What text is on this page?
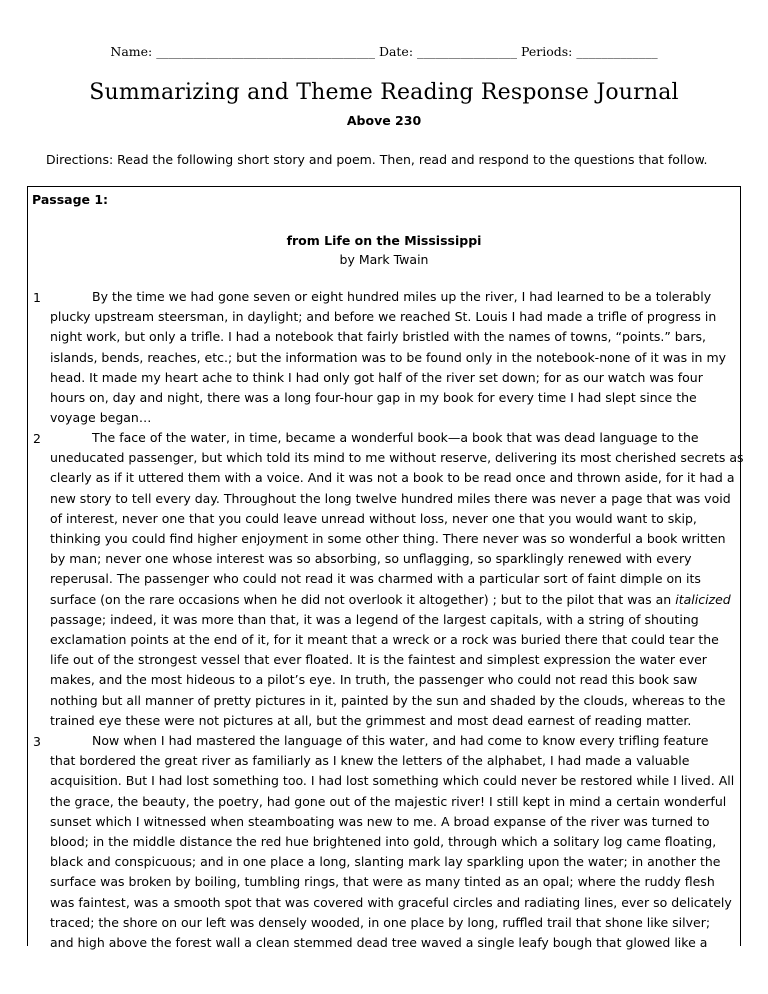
Name: ___________________________________ Date: ________________ Periods: _____________
Summarizing and Theme Reading Response Journal
Above 230
Directions: Read the following short story and poem. Then, read and respond to the questions that follow.
Passage 1:
from Life on the Mississippi
by Mark Twain
1	By the time we had gone seven or eight hundred miles up the river, I had learned to be a tolerably
plucky upstream steersman, in daylight; and before we reached St. Louis I had made a trifle of progress in
night work, but only a trifle. I had a notebook that fairly bristled with the names of towns, “points.” bars,
islands, bends, reaches, etc.; but the information was to be found only in the notebook-none of it was in my
head. It made my heart ache to think I had only got half of the river set down; for as our watch was four
hours on, day and night, there was a long four-hour gap in my book for every time I had slept since the
voyage began…
2	The face of the water, in time, became a wonderful book—a book that was dead language to the
uneducated passenger, but which told its mind to me without reserve, delivering its most cherished secrets as
clearly as if it uttered them with a voice. And it was not a book to be read once and thrown aside, for it had a
new story to tell every day. Throughout the long twelve hundred miles there was never a page that was void
of interest, never one that you could leave unread without loss, never one that you would want to skip,
thinking you could find higher enjoyment in some other thing. There never was so wonderful a book written
by man; never one whose interest was so absorbing, so unflagging, so sparklingly renewed with every
reperusal. The passenger who could not read it was charmed with a particular sort of faint dimple on its
surface (on the rare occasions when he did not overlook it altogether) ; but to the pilot that was an italicized
passage; indeed, it was more than that, it was a legend of the largest capitals, with a string of shouting
exclamation points at the end of it, for it meant that a wreck or a rock was buried there that could tear the
life out of the strongest vessel that ever floated. It is the faintest and simplest expression the water ever
makes, and the most hideous to a pilot’s eye. In truth, the passenger who could not read this book saw
nothing but all manner of pretty pictures in it, painted by the sun and shaded by the clouds, whereas to the
trained eye these were not pictures at all, but the grimmest and most dead earnest of reading matter.
3	Now when I had mastered the language of this water, and had come to know every trifling feature
that bordered the great river as familiarly as I knew the letters of the alphabet, I had made a valuable
acquisition. But I had lost something too. I had lost something which could never be restored while I lived. All
the grace, the beauty, the poetry, had gone out of the majestic river! I still kept in mind a certain wonderful
sunset which I witnessed when steamboating was new to me. A broad expanse of the river was turned to
blood; in the middle distance the red hue brightened into gold, through which a solitary log came floating,
black and conspicuous; and in one place a long, slanting mark lay sparkling upon the water; in another the
surface was broken by boiling, tumbling rings, that were as many tinted as an opal; where the ruddy flesh
was faintest, was a smooth spot that was covered with graceful circles and radiating lines, ever so delicately
traced; the shore on our left was densely wooded, in one place by long, ruffled trail that shone like silver;
and high above the forest wall a clean stemmed dead tree waved a single leafy bough that glowed like a
